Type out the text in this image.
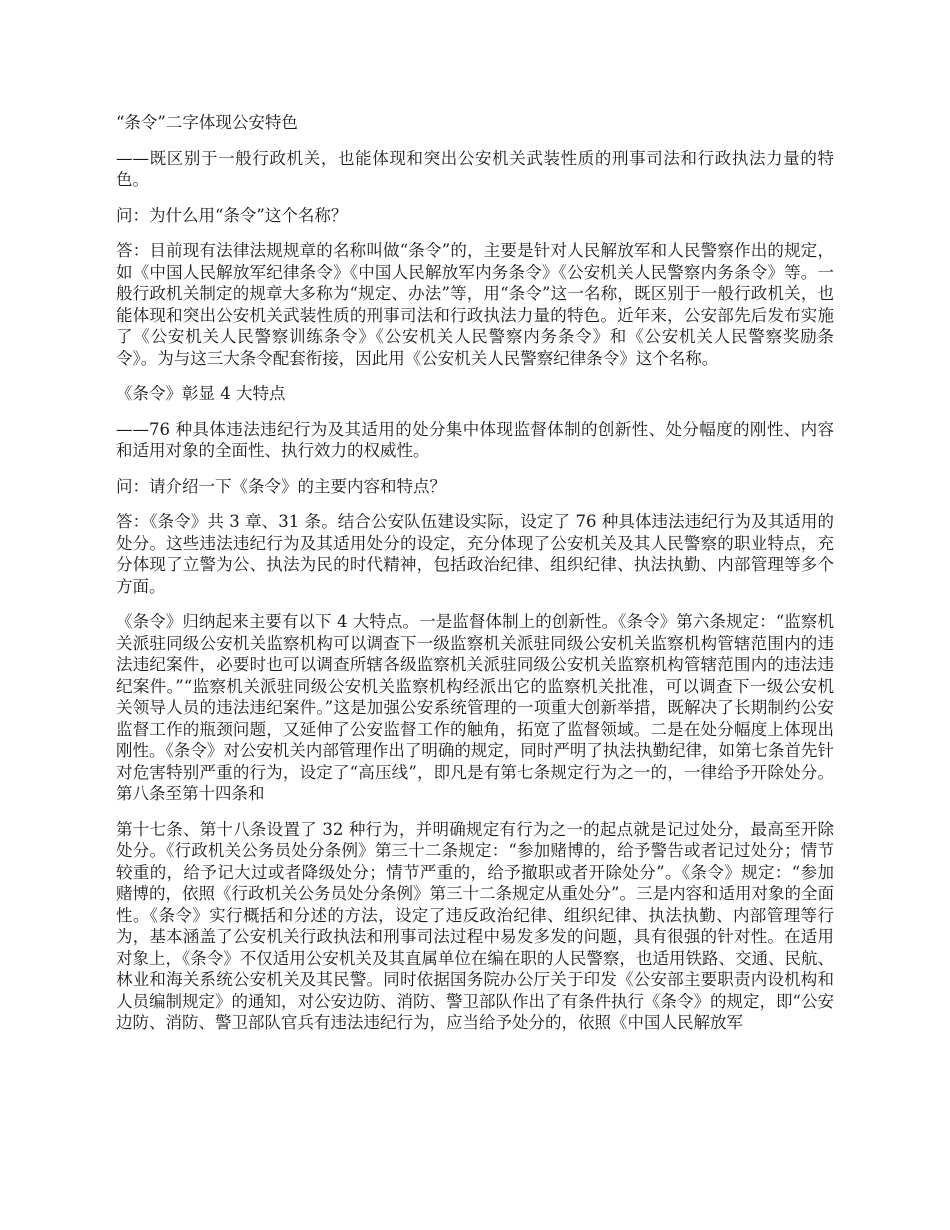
“条令”二字体现公安特色

——既区别于一般行政机关，也能体现和突出公安机关武装性质的刑事司法和行政执法力量的特色。

问：为什么用“条令”这个名称？

答：目前现有法律法规规章的名称叫做“条令”的，主要是针对人民解放军和人民警察作出的规定，如《中国人民解放军纪律条令》《中国人民解放军内务条令》《公安机关人民警察内务条令》等。一般行政机关制定的规章大多称为“规定、办法”等，用“条令”这一名称，既区别于一般行政机关，也能体现和突出公安机关武装性质的刑事司法和行政执法力量的特色。近年来，公安部先后发布实施了《公安机关人民警察训练条令》《公安机关人民警察内务条令》和《公安机关人民警察奖励条令》。为与这三大条令配套衔接，因此用《公安机关人民警察纪律条令》这个名称。

《条令》彰显 4 大特点

——76 种具体违法违纪行为及其适用的处分集中体现监督体制的创新性、处分幅度的刚性、内容和适用对象的全面性、执行效力的权威性。

问：请介绍一下《条令》的主要内容和特点？

答：《条令》共 3 章、31 条。结合公安队伍建设实际，设定了 76 种具体违法违纪行为及其适用的处分。这些违法违纪行为及其适用处分的设定，充分体现了公安机关及其人民警察的职业特点，充分体现了立警为公、执法为民的时代精神，包括政治纪律、组织纪律、执法执勤、内部管理等多个方面。

《条令》归纳起来主要有以下 4 大特点。一是监督体制上的创新性。《条令》第六条规定：“监察机关派驻同级公安机关监察机构可以调查下一级监察机关派驻同级公安机关监察机构管辖范围内的违法违纪案件，必要时也可以调查所辖各级监察机关派驻同级公安机关监察机构管辖范围内的违法违纪案件。”“监察机关派驻同级公安机关监察机构经派出它的监察机关批准，可以调查下一级公安机关领导人员的违法违纪案件。”这是加强公安系统管理的一项重大创新举措，既解决了长期制约公安监督工作的瓶颈问题，又延伸了公安监督工作的触角，拓宽了监督领域。二是在处分幅度上体现出刚性。《条令》对公安机关内部管理作出了明确的规定，同时严明了执法执勤纪律，如第七条首先针对危害特别严重的行为，设定了“高压线”，即凡是有第七条规定行为之一的，一律给予开除处分。第八条至第十四条和

第十七条、第十八条设置了 32 种行为，并明确规定有行为之一的起点就是记过处分，最高至开除处分。《行政机关公务员处分条例》第三十二条规定：“参加赌博的，给予警告或者记过处分；情节较重的，给予记大过或者降级处分；情节严重的，给予撤职或者开除处分”。《条令》规定：“参加赌博的，依照《行政机关公务员处分条例》第三十二条规定从重处分”。三是内容和适用对象的全面性。《条令》实行概括和分述的方法，设定了违反政治纪律、组织纪律、执法执勤、内部管理等行为，基本涵盖了公安机关行政执法和刑事司法过程中易发多发的问题，具有很强的针对性。在适用对象上，《条令》不仅适用公安机关及其直属单位在编在职的人民警察，也适用铁路、交通、民航、林业和海关系统公安机关及其民警。同时依据国务院办公厅关于印发《公安部主要职责内设机构和人员编制规定》的通知，对公安边防、消防、警卫部队作出了有条件执行《条令》的规定，即“公安边防、消防、警卫部队官兵有违法违纪行为，应当给予处分的，依照《中国人民解放军
